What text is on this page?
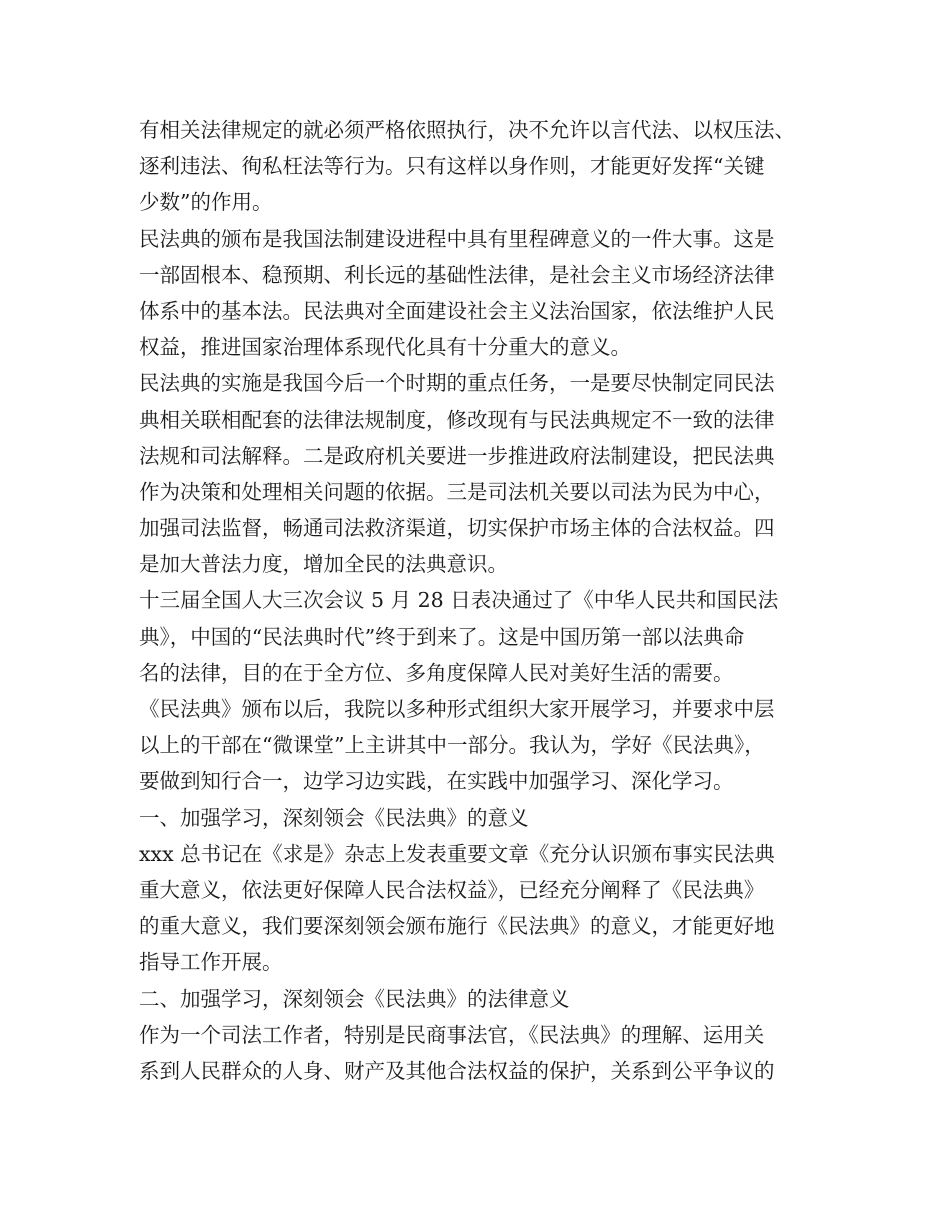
有相关法律规定的就必须严格依照执行，决不允许以言代法、以权压法、
逐利违法、徇私枉法等行为。只有这样以身作则，才能更好发挥“关键
少数”的作用。
民法典的颁布是我国法制建设进程中具有里程碑意义的一件大事。这是
一部固根本、稳预期、利长远的基础性法律，是社会主义市场经济法律
体系中的基本法。民法典对全面建设社会主义法治国家，依法维护人民
权益，推进国家治理体系现代化具有十分重大的意义。
民法典的实施是我国今后一个时期的重点任务，一是要尽快制定同民法
典相关联相配套的法律法规制度，修改现有与民法典规定不一致的法律
法规和司法解释。二是政府机关要进一步推进政府法制建设，把民法典
作为决策和处理相关问题的依据。三是司法机关要以司法为民为中心，
加强司法监督，畅通司法救济渠道，切实保护市场主体的合法权益。四
是加大普法力度，增加全民的法典意识。
十三届全国人大三次会议 5 月 28 日表决通过了《中华人民共和国民法
典》，中国的“民法典时代”终于到来了。这是中国历第一部以法典命
名的法律，目的在于全方位、多角度保障人民对美好生活的需要。
《民法典》颁布以后，我院以多种形式组织大家开展学习，并要求中层
以上的干部在“微课堂”上主讲其中一部分。我认为，学好《民法典》，
要做到知行合一，边学习边实践，在实践中加强学习、深化学习。
一、加强学习，深刻领会《民法典》的意义
xxx 总书记在《求是》杂志上发表重要文章《充分认识颁布事实民法典
重大意义，依法更好保障人民合法权益》，已经充分阐释了《民法典》
的重大意义，我们要深刻领会颁布施行《民法典》的意义，才能更好地
指导工作开展。
二、加强学习，深刻领会《民法典》的法律意义
作为一个司法工作者，特别是民商事法官，《民法典》的理解、运用关
系到人民群众的人身、财产及其他合法权益的保护，关系到公平争议的
